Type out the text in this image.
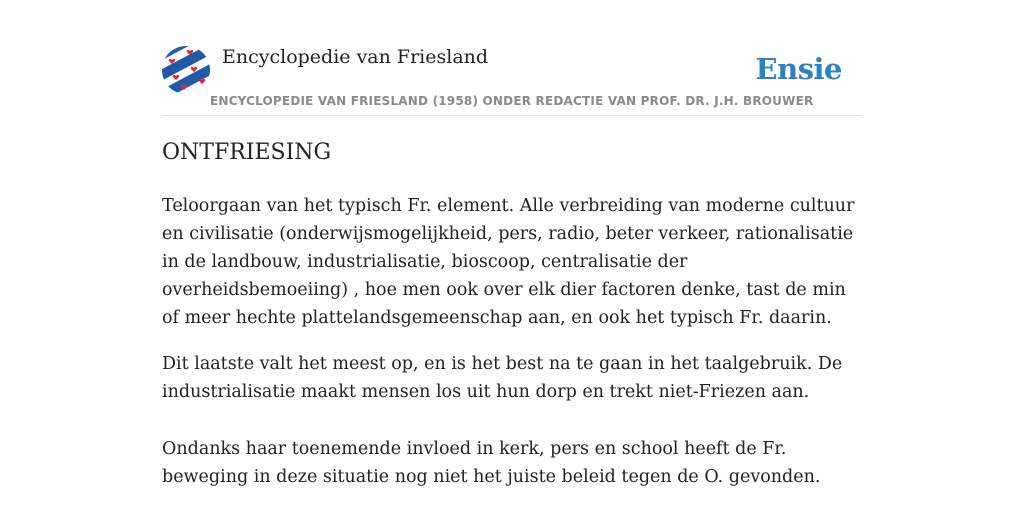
Encyclopedie van Friesland	Ensie
ENCYCLOPEDIE VAN FRIESLAND (1958) ONDER REDACTIE VAN PROF. DR. J.H. BROUWER
ONTFRIESING

Teloorgaan van het typisch Fr. element. Alle verbreiding van moderne cultuur en civilisatie (onderwijsmogelijkheid, pers, radio, beter verkeer, rationalisatie in de landbouw, industrialisatie, bioscoop, centralisatie der overheidsbemoeiing) , hoe men ook over elk dier factoren denke, tast de min of meer hechte plattelandsgemeenschap aan, en ook het typisch Fr. daarin.

Dit laatste valt het meest op, en is het best na te gaan in het taalgebruik. De industrialisatie maakt mensen los uit hun dorp en trekt niet-Friezen aan.

Ondanks haar toenemende invloed in kerk, pers en school heeft de Fr. beweging in deze situatie nog niet het juiste beleid tegen de O. gevonden.
